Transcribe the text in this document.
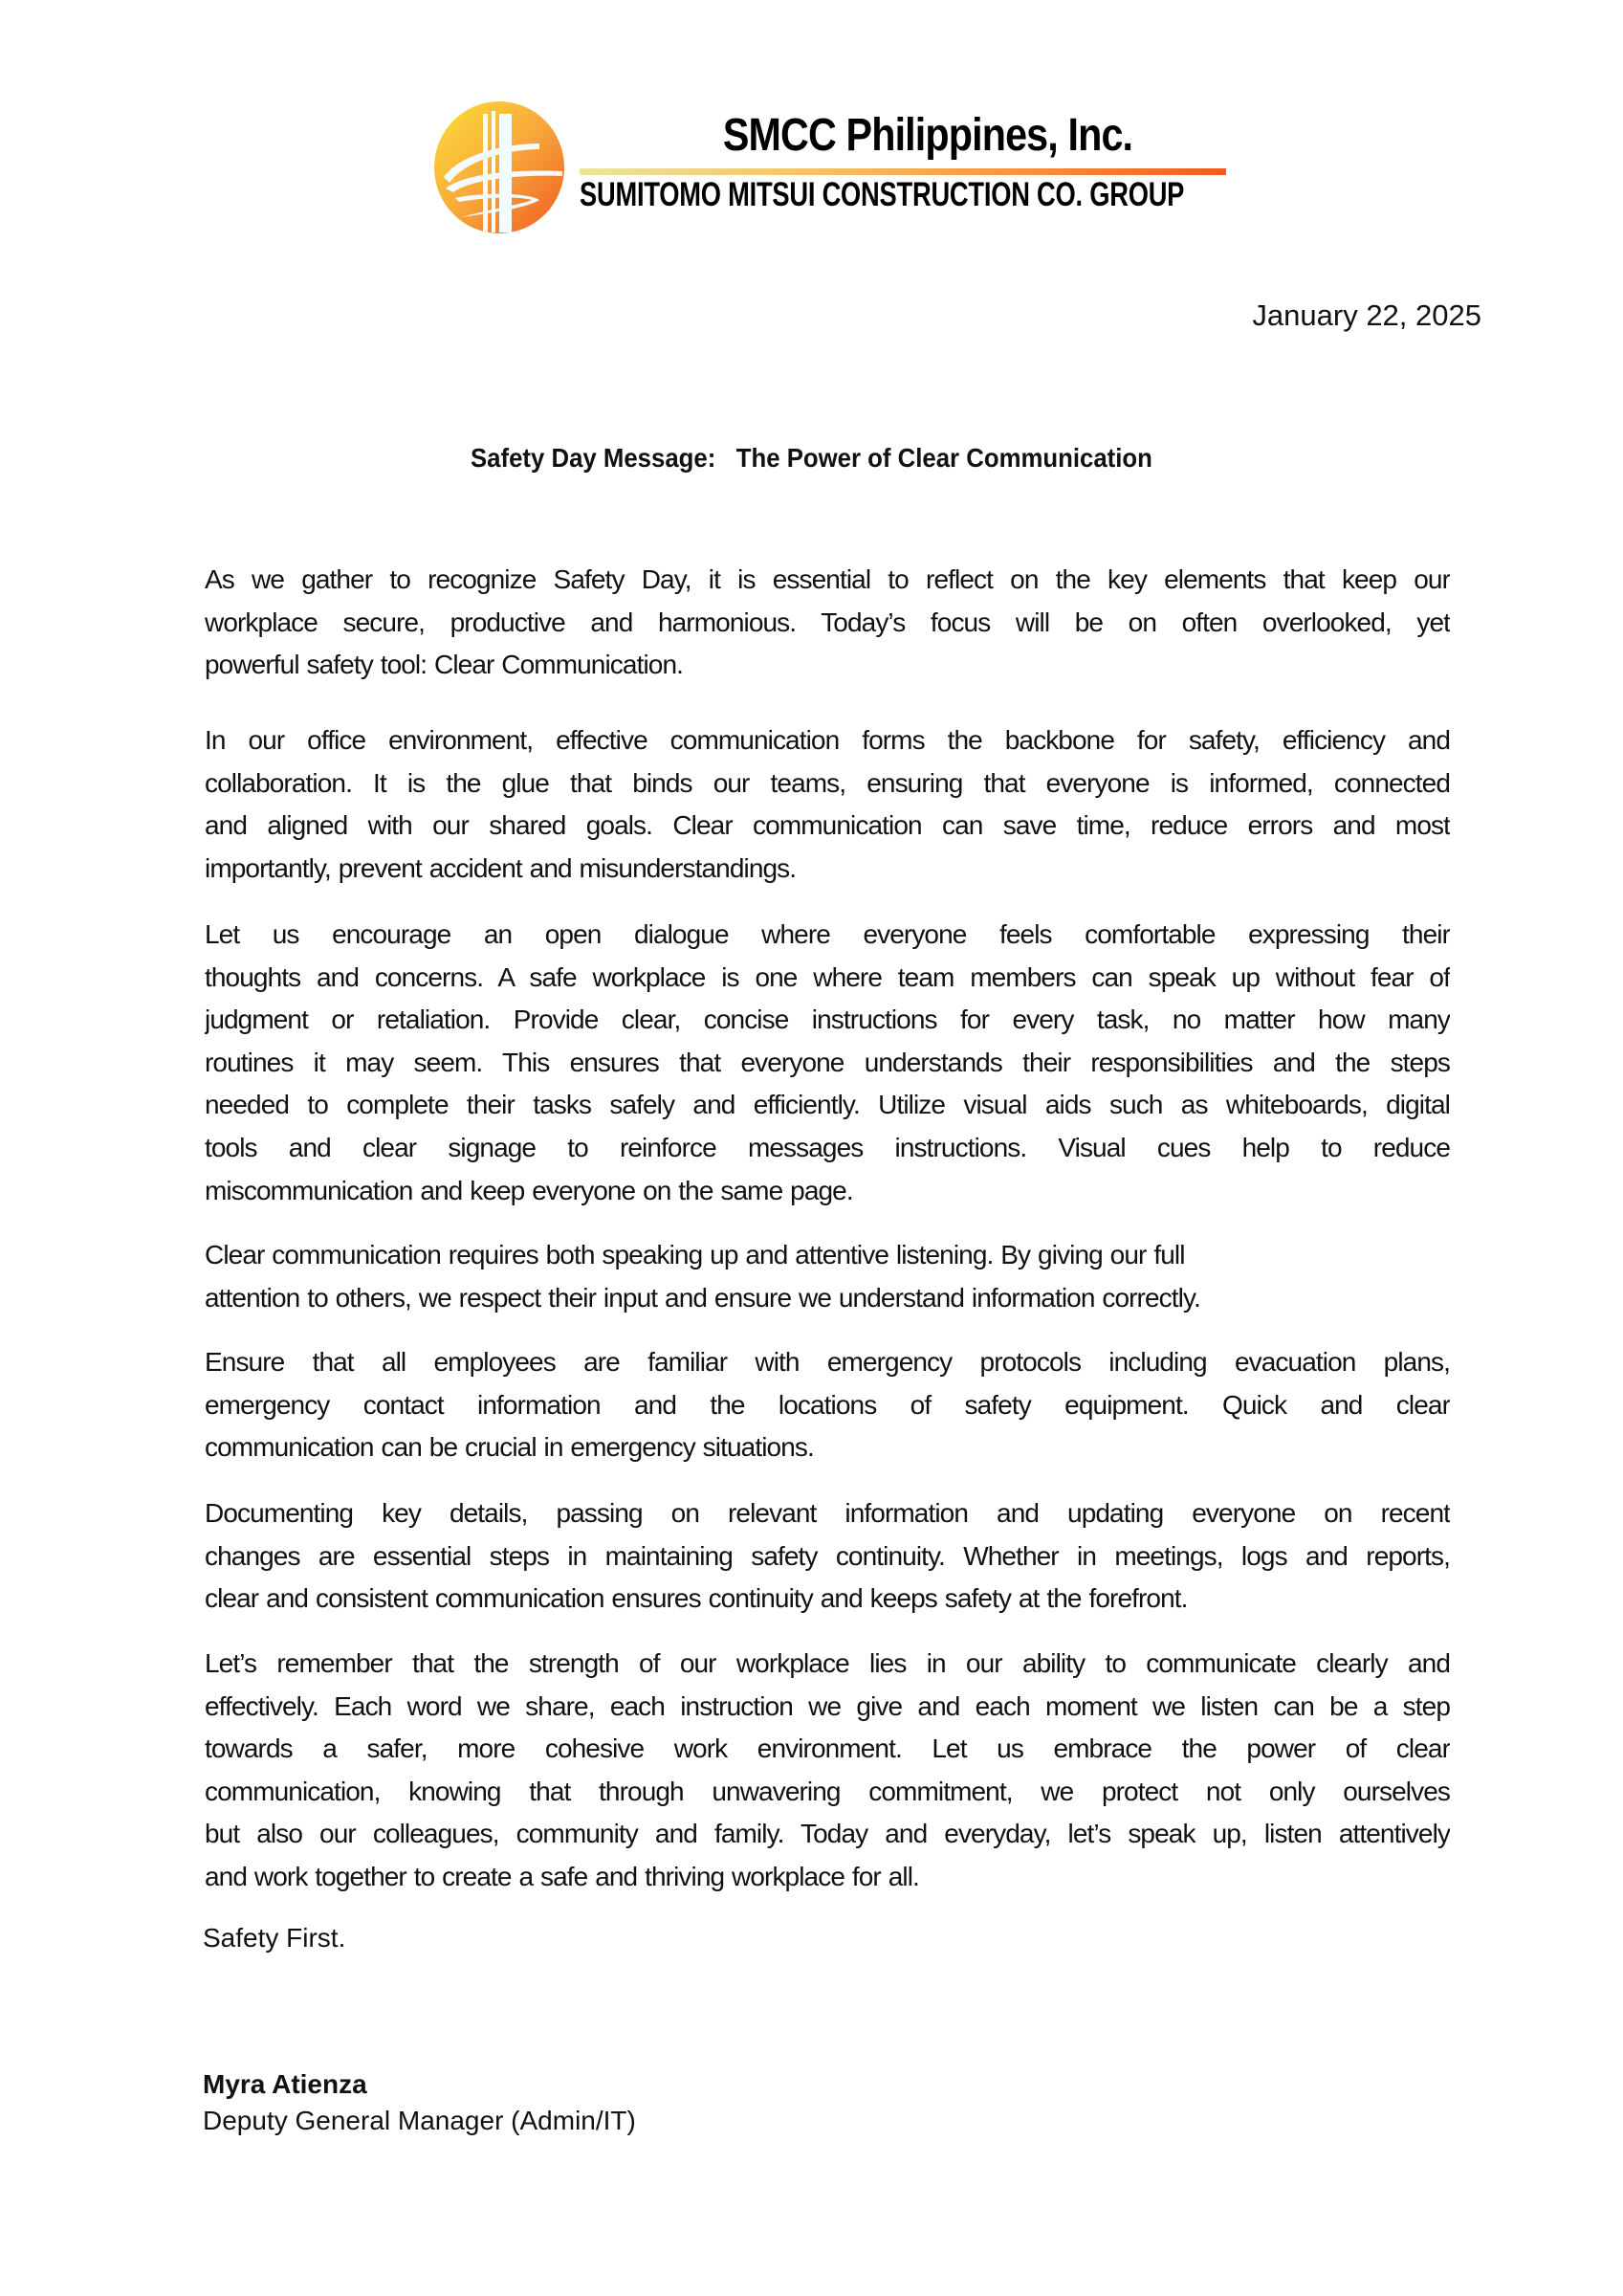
SMCC Philippines, Inc.
SUMITOMO MITSUI CONSTRUCTION CO. GROUP
January 22, 2025
Safety Day Message:   The Power of Clear Communication
As we gather to recognize Safety Day, it is essential to reflect on the key elements that keep our
workplace secure, productive and harmonious. Today’s focus will be on often overlooked, yet
powerful safety tool: Clear Communication.
In our office environment, effective communication forms the backbone for safety, efficiency and
collaboration. It is the glue that binds our teams, ensuring that everyone is informed, connected
and aligned with our shared goals. Clear communication can save time, reduce errors and most
importantly, prevent accident and misunderstandings.
Let us encourage an open dialogue where everyone feels comfortable expressing their
thoughts and concerns. A safe workplace is one where team members can speak up without fear of
judgment or retaliation. Provide clear, concise instructions for every task, no matter how many
routines it may seem. This ensures that everyone understands their responsibilities and the steps
needed to complete their tasks safely and efficiently. Utilize visual aids such as whiteboards, digital
tools and clear signage to reinforce messages instructions. Visual cues help to reduce
miscommunication and keep everyone on the same page.
Clear communication requires both speaking up and attentive listening. By giving our full
attention to others, we respect their input and ensure we understand information correctly.
Ensure that all employees are familiar with emergency protocols including evacuation plans,
emergency contact information and the locations of safety equipment. Quick and clear
communication can be crucial in emergency situations.
Documenting key details, passing on relevant information and updating everyone on recent
changes are essential steps in maintaining safety continuity. Whether in meetings, logs and reports,
clear and consistent communication ensures continuity and keeps safety at the forefront.
Let’s remember that the strength of our workplace lies in our ability to communicate clearly and
effectively. Each word we share, each instruction we give and each moment we listen can be a step
towards a safer, more cohesive work environment. Let us embrace the power of clear
communication, knowing that through unwavering commitment, we protect not only ourselves
but also our colleagues, community and family. Today and everyday, let’s speak up, listen attentively
and work together to create a safe and thriving workplace for all.
Safety First.
Myra Atienza
Deputy General Manager (Admin/IT)
